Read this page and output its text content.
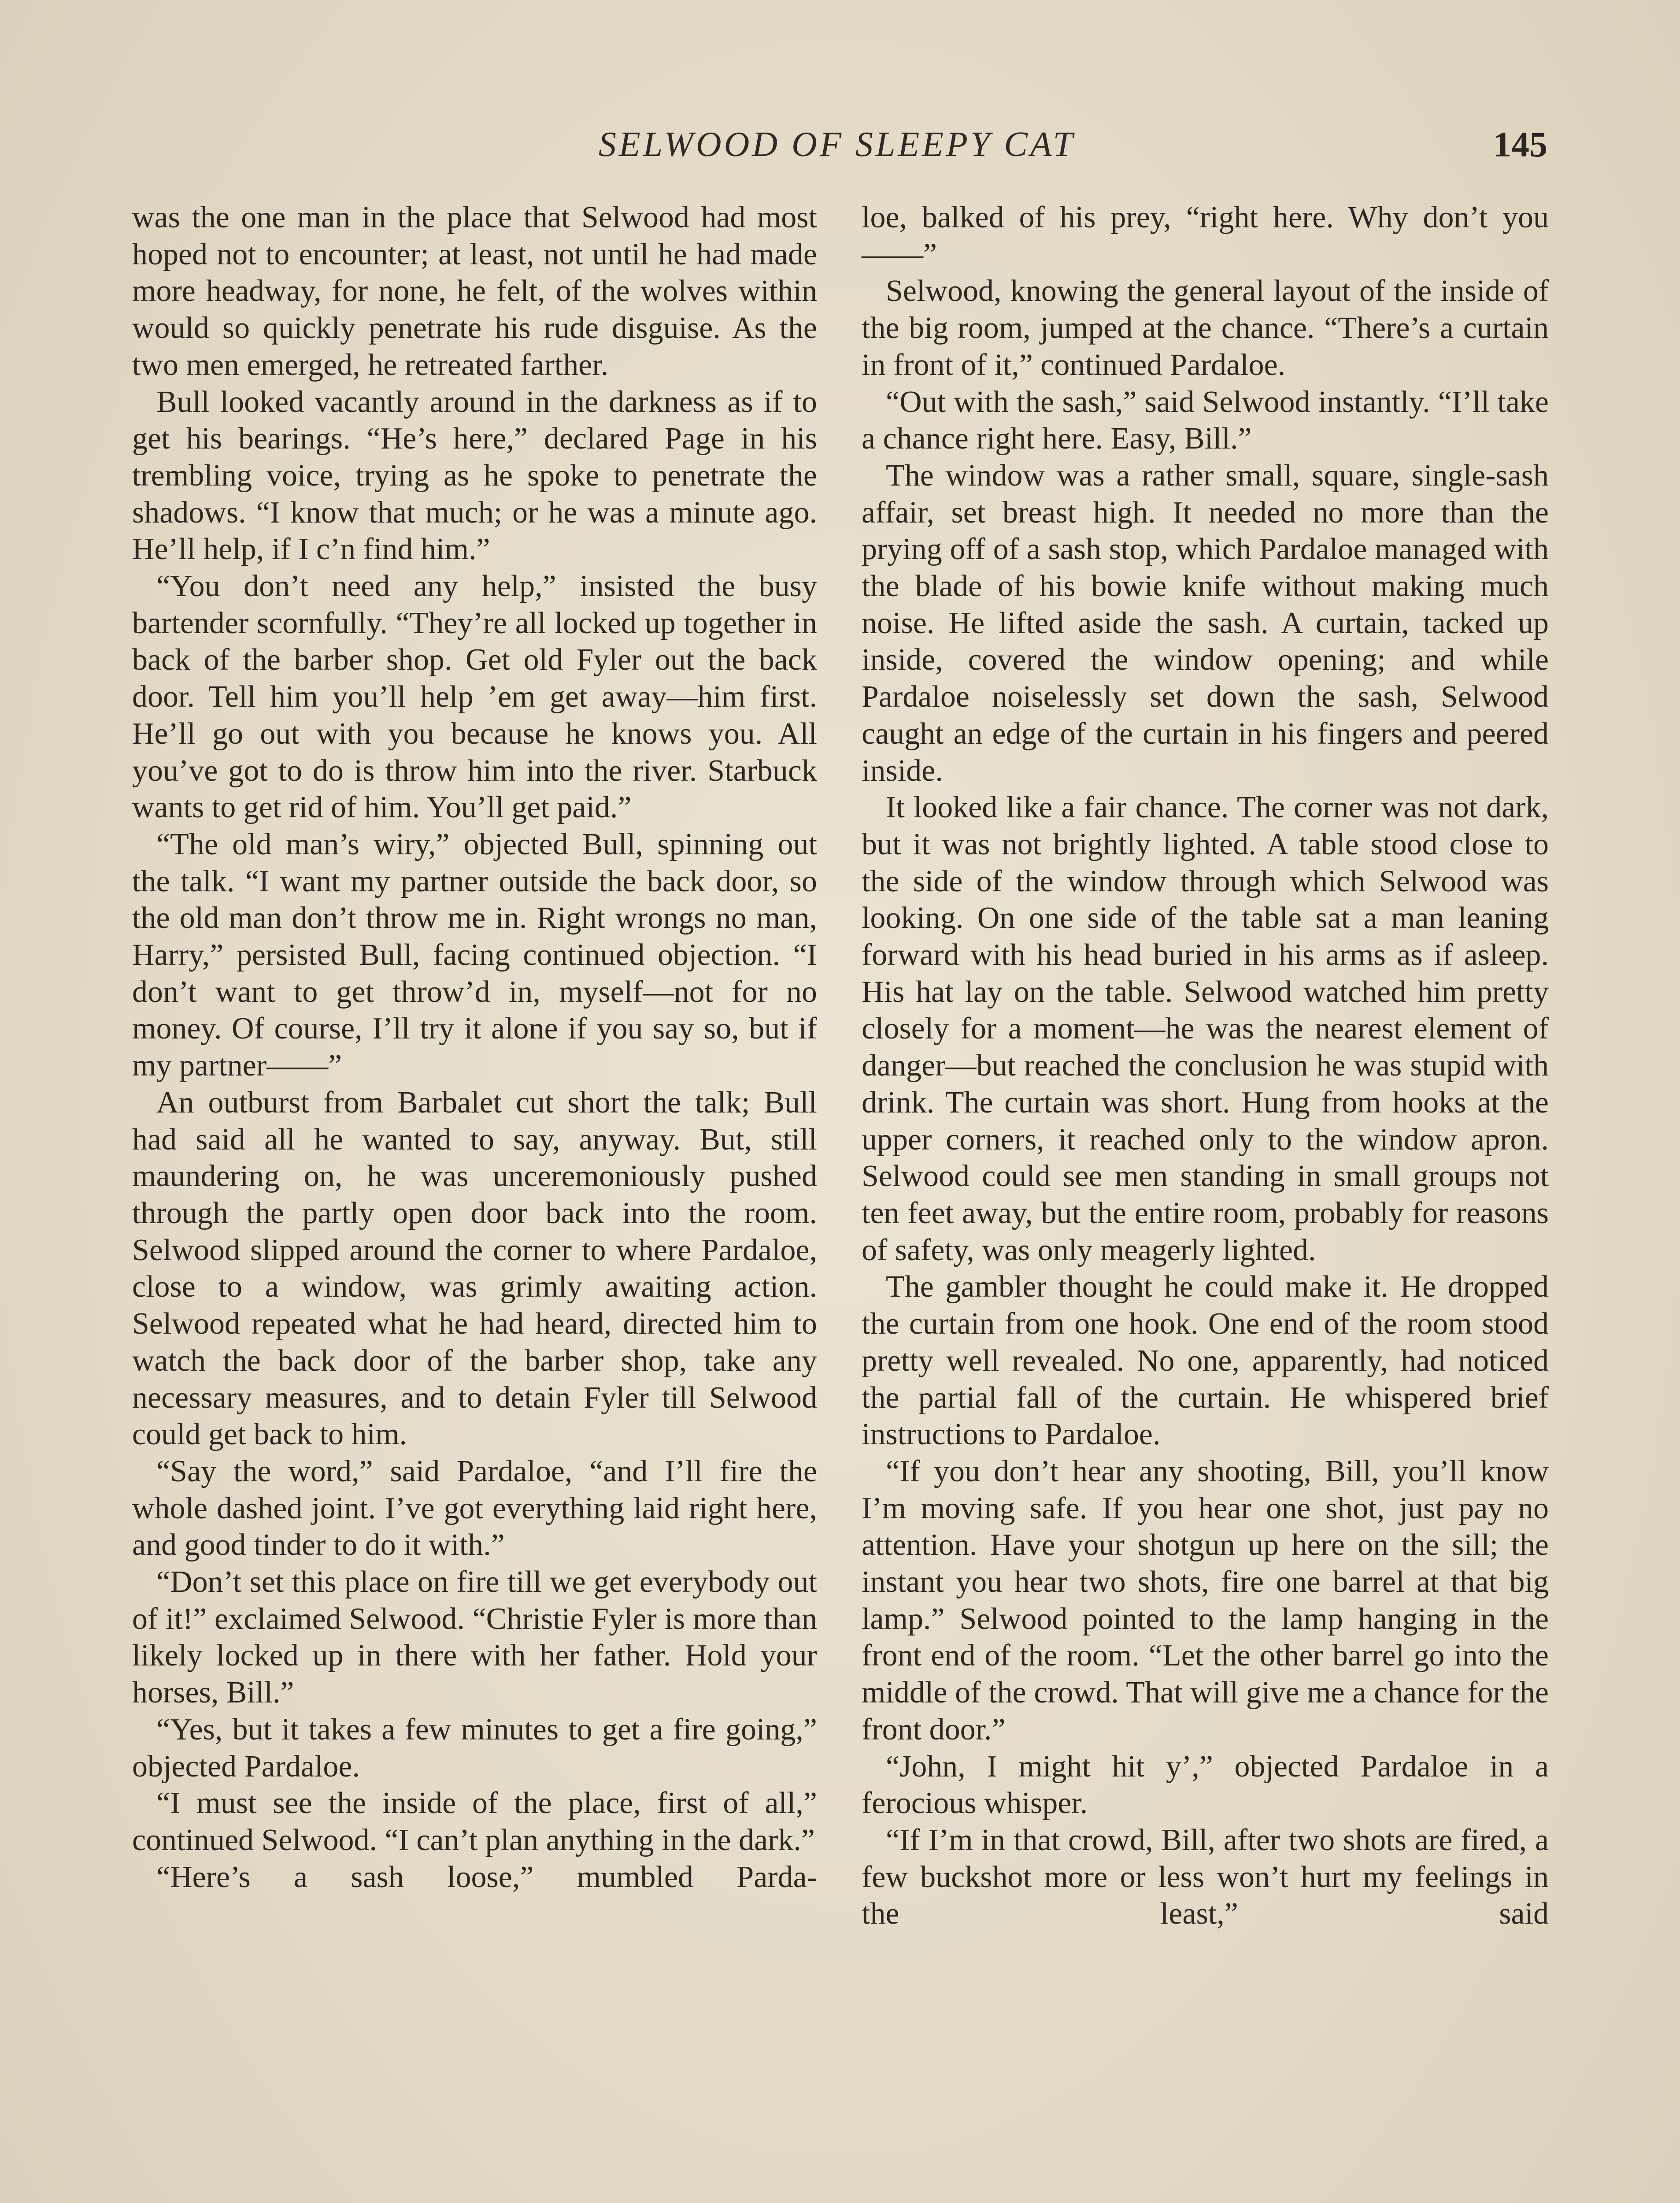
SELWOOD OF SLEEPY CAT	145

was the one man in the place that Selwood had most hoped not to encounter; at least, not until he had made more headway, for none, he felt, of the wolves within would so quickly penetrate his rude disguise. As the two men emerged, he retreated farther.

Bull looked vacantly around in the darkness as if to get his bearings. “He’s here,” declared Page in his trembling voice, trying as he spoke to penetrate the shadows. “I know that much; or he was a minute ago. He’ll help, if I c’n find him.”

“You don’t need any help,” insisted the busy bartender scornfully. “They’re all locked up together in back of the barber shop. Get old Fyler out the back door. Tell him you’ll help ’em get away—him first. He’ll go out with you because he knows you. All you’ve got to do is throw him into the river. Starbuck wants to get rid of him. You’ll get paid.”

“The old man’s wiry,” objected Bull, spinning out the talk. “I want my partner outside the back door, so the old man don’t throw me in. Right wrongs no man, Harry,” persisted Bull, facing continued objection. “I don’t want to get throw’d in, myself—not for no money. Of course, I’ll try it alone if you say so, but if my partner——”

An outburst from Barbalet cut short the talk; Bull had said all he wanted to say, anyway. But, still maundering on, he was unceremoniously pushed through the partly open door back into the room. Selwood slipped around the corner to where Pardaloe, close to a window, was grimly awaiting action. Selwood repeated what he had heard, directed him to watch the back door of the barber shop, take any necessary measures, and to detain Fyler till Selwood could get back to him.

“Say the word,” said Pardaloe, “and I’ll fire the whole dashed joint. I’ve got everything laid right here, and good tinder to do it with.”

“Don’t set this place on fire till we get everybody out of it!” exclaimed Selwood. “Christie Fyler is more than likely locked up in there with her father. Hold your horses, Bill.”

“Yes, but it takes a few minutes to get a fire going,” objected Pardaloe.

“I must see the inside of the place, first of all,” continued Selwood. “I can’t plan anything in the dark.”

“Here’s a sash loose,” mumbled Parda-

loe, balked of his prey, “right here. Why don’t you——”

Selwood, knowing the general layout of the inside of the big room, jumped at the chance. “There’s a curtain in front of it,” continued Pardaloe.

“Out with the sash,” said Selwood instantly. “I’ll take a chance right here. Easy, Bill.”

The window was a rather small, square, single-sash affair, set breast high. It needed no more than the prying off of a sash stop, which Pardaloe managed with the blade of his bowie knife without making much noise. He lifted aside the sash. A curtain, tacked up inside, covered the window opening; and while Pardaloe noiselessly set down the sash, Selwood caught an edge of the curtain in his fingers and peered inside.

It looked like a fair chance. The corner was not dark, but it was not brightly lighted. A table stood close to the side of the window through which Selwood was looking. On one side of the table sat a man leaning forward with his head buried in his arms as if asleep. His hat lay on the table. Selwood watched him pretty closely for a moment—he was the nearest element of danger—but reached the conclusion he was stupid with drink. The curtain was short. Hung from hooks at the upper corners, it reached only to the window apron. Selwood could see men standing in small groups not ten feet away, but the entire room, probably for reasons of safety, was only meagerly lighted.

The gambler thought he could make it. He dropped the curtain from one hook. One end of the room stood pretty well revealed. No one, apparently, had noticed the partial fall of the curtain. He whispered brief instructions to Pardaloe.

“If you don’t hear any shooting, Bill, you’ll know I’m moving safe. If you hear one shot, just pay no attention. Have your shotgun up here on the sill; the instant you hear two shots, fire one barrel at that big lamp.” Selwood pointed to the lamp hanging in the front end of the room. “Let the other barrel go into the middle of the crowd. That will give me a chance for the front door.”

“John, I might hit y’,” objected Pardaloe in a ferocious whisper.

“If I’m in that crowd, Bill, after two shots are fired, a few buckshot more or less won’t hurt my feelings in the least,” said
